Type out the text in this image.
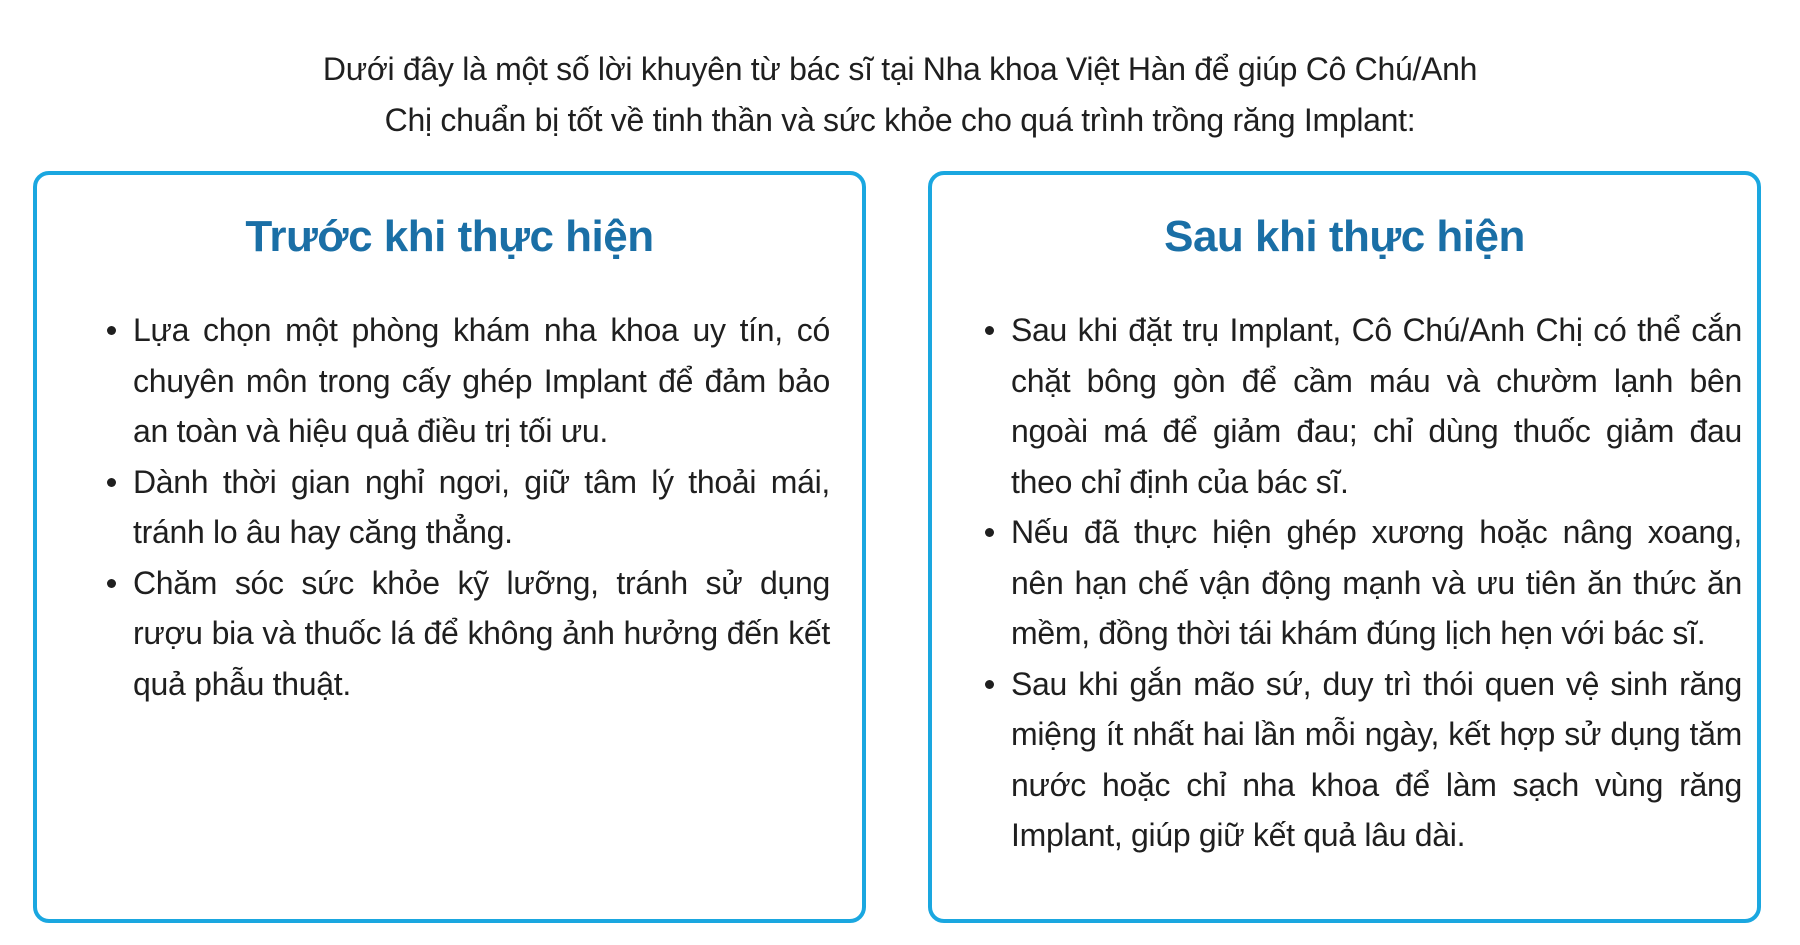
Dưới đây là một số lời khuyên từ bác sĩ tại Nha khoa Việt Hàn để giúp Cô Chú/Anh
Chị chuẩn bị tốt về tinh thần và sức khỏe cho quá trình trồng răng Implant:
Trước khi thực hiện
Lựa chọn một phòng khám nha khoa uy tín, có chuyên môn trong cấy ghép Implant để đảm bảo an toàn và hiệu quả điều trị tối ưu.
Dành thời gian nghỉ ngơi, giữ tâm lý thoải mái, tránh lo âu hay căng thẳng.
Chăm sóc sức khỏe kỹ lưỡng, tránh sử dụng rượu bia và thuốc lá để không ảnh hưởng đến kết quả phẫu thuật.
Sau khi thực hiện
Sau khi đặt trụ Implant, Cô Chú/Anh Chị có thể cắn chặt bông gòn để cầm máu và chườm lạnh bên ngoài má để giảm đau; chỉ dùng thuốc giảm đau theo chỉ định của bác sĩ.
Nếu đã thực hiện ghép xương hoặc nâng xoang, nên hạn chế vận động mạnh và ưu tiên ăn thức ăn mềm, đồng thời tái khám đúng lịch hẹn với bác sĩ.
Sau khi gắn mão sứ, duy trì thói quen vệ sinh răng miệng ít nhất hai lần mỗi ngày, kết hợp sử dụng tăm nước hoặc chỉ nha khoa để làm sạch vùng răng Implant, giúp giữ kết quả lâu dài.
